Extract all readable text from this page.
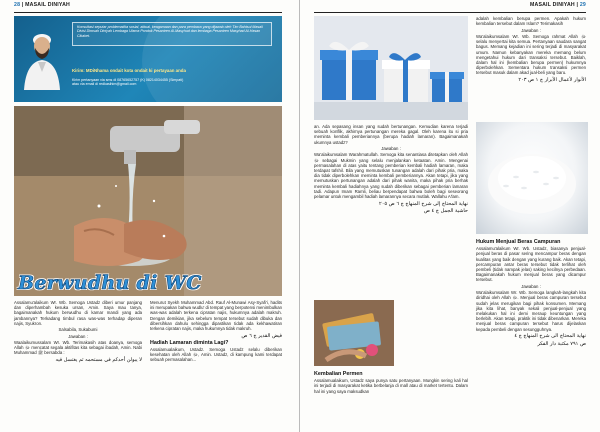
28 | MASAIL DINIYAH
Konsultasi seputar problematika sosial, aktual, keagamaan dan para pembaca yang dijawab oleh Tim Bahtsul Masail Divisi Dirosah Diniyah Lembaga Ulama Pondok Pesantren Al-Masyhud dan lembaga Pesantren Masyhad Al-Hasan Cikaket.
Kirim: MDiNhama ondait kota ondait ki pertayaan anda
Kirim pertanyaan via sms di 08765652757 (K) 08214034455 (Simpati)
atau via email di redkasihim@gmail.com
Berwudhu di WC

Assalamu'alaikum Wr. Wb. Semoga Ustadz diberi umur panjang dan diperhambah kesuka ursan, Amin. Saya mau tanya, bagaimanakah hukum berwudhu di kamar mandi yang ada jambannya? Terkadang timbul rasa was-was terhadap diperan najis, Syukron.

Salsabila, Sukabumi

Jawaban :

Waalaikumussalam Wr. Wb. Terimakasih atas doanya, semoga Allah ﷻ mencatat segala aktifitas kita sebagai ibadah, Amin. Nabi Muhammad ﷺ bersabda :

لا يبولن أحدكم في مستحمه ثم يغتسل فيه

Menurut Syekh Muhammad Abd. Rauf Al-Munawi Asy-Syafi'i, hadits ini merupakan bahwa wudlu' di tempat yang berpotensi menimbulkan was-was adalah terkena cipratan najis, hukumnya adalah makruh. Dengan demikian, jika sebelum tempat tersebut sudah dibuka dan dibersihkan dahulu sehingga dipastikan tidak ada kekhawatiran terkena cipratan najis, maka hukumnya tidak makruh.

فيض القدير ج ٦ ص
Hadiah Lamaran diminta Lagi?

Assalamualaikum, Ustadz. Semoga Ustadz selalu diberikan kesehatan oleh Allah ﷻ, Amin. Ustadz, di kampung kami terdapat sebuah permasalahan...

MASAIL DINIYAH | 29

adalah kembalian berupa permen. Apakah hukum kembalian tersebut dalam Islam? Terimakasih

Jawaban :

Wa'alaikumsalam Wr. Wb. Semoga rahmat Allah ﷻ selalu menyertai kita semua. Pertanyaan saudara sangat bagus. Memang kejadian ini sering terjadi di masyarakat umum. Namun kebanyakan mereka memang belum mengetahui hukum dari transaksi tersebut. Baiklah, dalam hal ini (kembalian berupa permen) hukumnya diperbolehkan. Sementara hukum transaksi permen tersebut masuk dalam akad jual-beli yang baru.

الأنوار لأعمال الأبرار ج ١ ص ٢٠٣

an. Ada sepasang insan yang sudah bertunangan. Kemudian karena terjadi sebuah konflik, akhirnya pertunangan mereka gagal. Oleh karena itu si pria meminta kembali pemberiannya (berupa hadiah lamaran). Bagaimanakah ukumnya ustadz?

Jawaban :

Wa'alaikumsalam Warahmatullah. Semoga kita senantiasa ditetapkan oleh Allah ﷻ sebagai Mukmin yang selalu menjalankan ketaatan. Amin. Mengenai permasalahan di atas yaitu tentang pemberian kembali hadiah lamaran, maka terdapat tafshil. Bila yang memutuskan tunangan adalah dari pihak pria, maka dia tidak diperbolehkan meminta kembali pemberiannya. Akan tetapi, jika yang memutuskan pertunangan adalah dari pihak wanita, maka pihak pria berhak meminta kembali hadiahnya yang sudah diberikan sebagai pemberian lamaran tadi. Adapun Imam Ramli, beliau berpendapat bahwa boleh bagi seseorang pelamar untuk mengambil hadiah lamarannya secara mutlak. Wallahu A'lam.

نهاية المحتاج إلى شرح المنهاج ج ٦ ص ٢٠٥
حاشية الجمل ج ٤ ص
Hukum Menjual Beras Campuran

Assalamu'alaikum Wr. Wb. Ustadz, biasanya penjual-penjual beras di pasar sering mencampur beras dengan kualitas yang baik dengan yang kurang baik. Akan tetapi, percampuran antar beras tersebut tidak terlihat oleh pembeli (tidak nampak jelas) saking kecilnya perbedaan. Bagaimanakah hukum menjual beras yang dicampur tersebut.

Jawaban :

Wa'alaikumsalam Wr. Wb. Semoga langkah-langkah kita diridhai oleh Allah ﷻ. Menjual beras campuran tersebut sudah jelas merugikan bagi pihak konsumen. Memang jika kita lihat, banyak sekali penjual-penjual yang melakukan hal ini demi meraup keuntungan yang berlebih. Akan tetapi, praktik ini tidak dibenarkan. Mereka menjual beras campuran tersebut harus dijelaskan kepada pembeli dengan sesungguhnya.

نهاية المحتاج الى شرح المنهاج ج ٤
ص ٧٩١ مكتبة دار الفكر
Kembalian Permen

Assalamualaikum, Ustadz saya punya satu pertanyaan. Mungkin sering kali hal ini terjadi di masyarakat ketika berbelanja di mall atau di market tertentu. Dalam hal ini yang saya maksudkan
